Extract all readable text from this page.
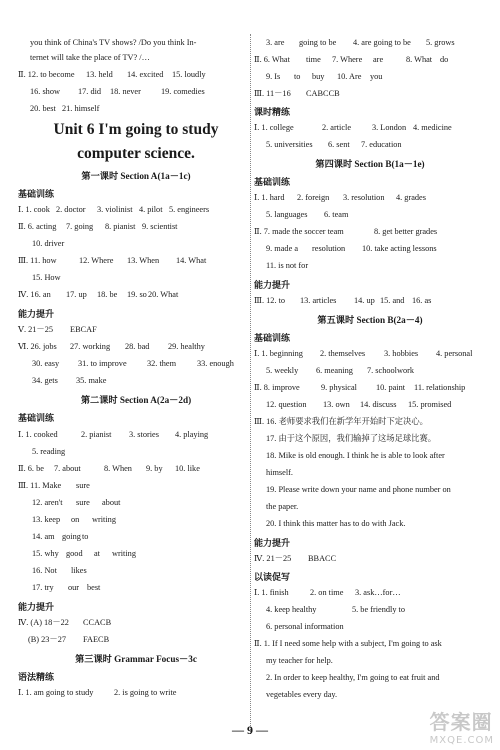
you think of China's TV shows? /Do you think In-
ternet will take the place of TV? /…
Ⅱ. 12. to become 13. held 14. excited 15. loudly
16. show 17. did 18. never 19. comedies
20. best 21. himself
Unit 6 I'm going to study
computer science.
第一课时 Section A(1a－1c)
基础训练
Ⅰ. 1. cook 2. doctor 3. violinist 4. pilot 5. engineers
Ⅱ. 6. acting 7. going 8. pianist 9. scientist
10. driver
Ⅲ. 11. how	12. Where 13. When 14. What
15. How
Ⅳ. 16. an 17. up 18. be 19. so 20. What
能力提升
Ⅴ. 21－25 EBCAF
Ⅵ. 26. jobs 27. working 28. bad 29. healthy
30. easy 31. to improve 32. them	33. enough
34. gets 35. make
第二课时 Section A(2a－2d)
基础训练
Ⅰ. 1. cooked	2. pianist 3. stories 4. playing
5. reading
Ⅱ. 6. be 7. about	8. When 9. by 10. like
Ⅲ. 11. Make sure
12. aren't sure about
13. keep on writing
14. am going to
15. why good at writing
16. Not likes
17. try our best
能力提升
Ⅳ. (A) 18－22 CCACB
(B) 23－27 FAECB
第三课时 Grammar Focus－3c
语法精练
Ⅰ. 1. am going to study 2. is going to write
3. are going to be 4. are going to be 5. grows
Ⅱ. 6. What time 7. Where are	8. What do
9. Is to buy 10. Are you
Ⅲ. 11－16 CABCCB
课时精练
Ⅰ. 1. college	2. article	3. London 4. medicine
5. universities 6. sent 7. education
第四课时 Section B(1a－1e)
基础训练
Ⅰ. 1. hard 2. foreign 3. resolution 4. grades
5. languages 6. team
Ⅱ. 7. made the soccer team	8. get better grades
9. made a resolution 10. take acting lessons
11. is not for
能力提升
Ⅲ. 12. to 13. articles 14. up 15. and 16. as
第五课时 Section B(2a－4)
基础训练
Ⅰ. 1. beginning 2. themselves 3. hobbies 4. personal
5. weekly 6. meaning 7. schoolwork
Ⅱ. 8. improve	9. physical 10. paint 11. relationship
12. question 13. own 14. discuss 15. promised
Ⅲ. 16. 老师要求我们在新学年开始时下定决心。
17. 由于这个原因，我们输掉了这场足球比赛。
18. Mike is old enough. I think he is able to look after
himself.
19. Please write down your name and phone number on
the paper.
20. I think this matter has to do with Jack.
能力提升
Ⅳ. 21－25 BBACC
以读促写
Ⅰ. 1. finish	2. on time 3. ask…for…
4. keep healthy	5. be friendly to
6. personal information
Ⅱ. 1. If I need some help with a subject, I'm going to ask
my teacher for help.
2. In order to keep healthy, I'm going to eat fruit and
vegetables every day.
— 9 —	答案圈
MXQE.COM
